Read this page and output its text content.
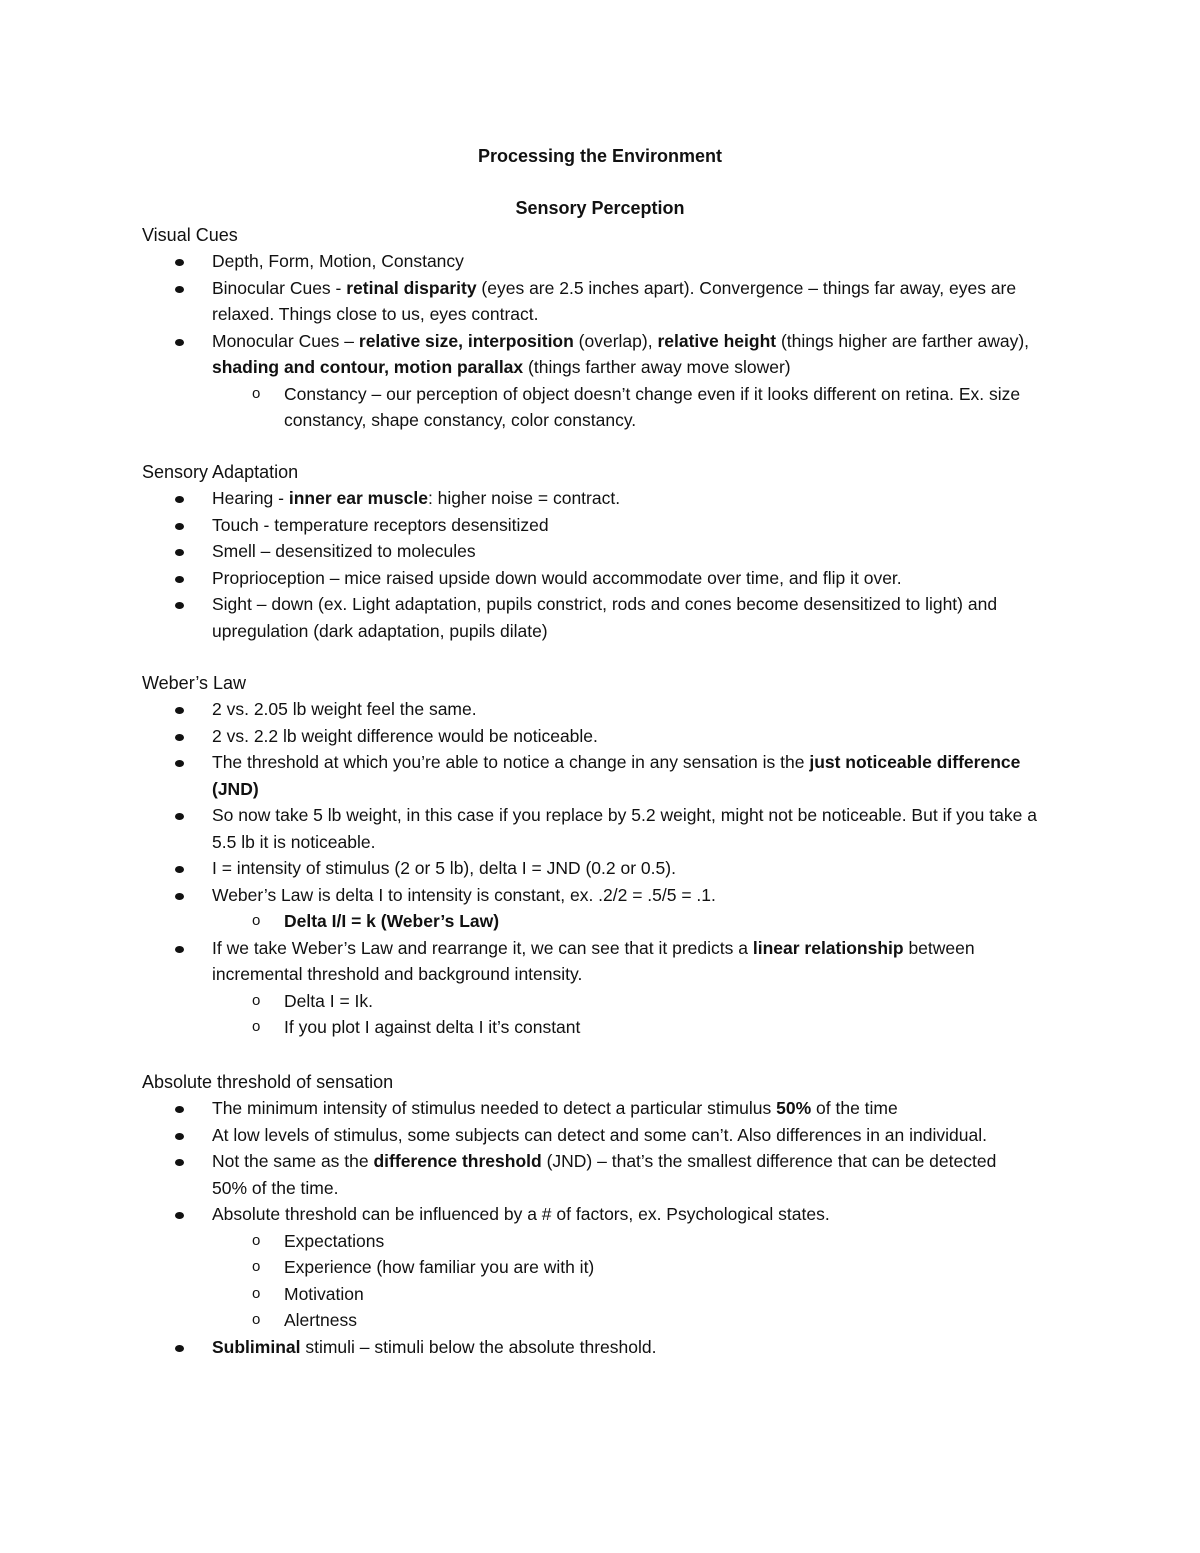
Processing the Environment
Sensory Perception
Visual Cues
Depth, Form, Motion, Constancy
Binocular Cues - retinal disparity (eyes are 2.5 inches apart). Convergence – things far away, eyes are relaxed. Things close to us, eyes contract.
Monocular Cues – relative size, interposition (overlap), relative height (things higher are farther away), shading and contour, motion parallax (things farther away move slower)
o Constancy – our perception of object doesn’t change even if it looks different on retina. Ex. size constancy, shape constancy, color constancy.
Sensory Adaptation
Hearing - inner ear muscle: higher noise = contract.
Touch - temperature receptors desensitized
Smell – desensitized to molecules
Proprioception – mice raised upside down would accommodate over time, and flip it over.
Sight – down (ex. Light adaptation, pupils constrict, rods and cones become desensitized to light) and upregulation (dark adaptation, pupils dilate)
Weber’s Law
2 vs. 2.05 lb weight feel the same.
2 vs. 2.2 lb weight difference would be noticeable.
The threshold at which you’re able to notice a change in any sensation is the just noticeable difference (JND)
So now take 5 lb weight, in this case if you replace by 5.2 weight, might not be noticeable. But if you take a 5.5 lb it is noticeable.
I = intensity of stimulus (2 or 5 lb), delta I = JND (0.2 or 0.5).
Weber’s Law is delta I to intensity is constant, ex. .2/2 = .5/5 = .1.
o Delta I/I = k (Weber’s Law)
If we take Weber’s Law and rearrange it, we can see that it predicts a linear relationship between incremental threshold and background intensity.
o Delta I = Ik.
o If you plot I against delta I it’s constant
Absolute threshold of sensation
The minimum intensity of stimulus needed to detect a particular stimulus 50% of the time
At low levels of stimulus, some subjects can detect and some can’t. Also differences in an individual.
Not the same as the difference threshold (JND) – that’s the smallest difference that can be detected 50% of the time.
Absolute threshold can be influenced by a # of factors, ex. Psychological states.
o Expectations
o Experience (how familiar you are with it)
o Motivation
o Alertness
Subliminal stimuli – stimuli below the absolute threshold.
